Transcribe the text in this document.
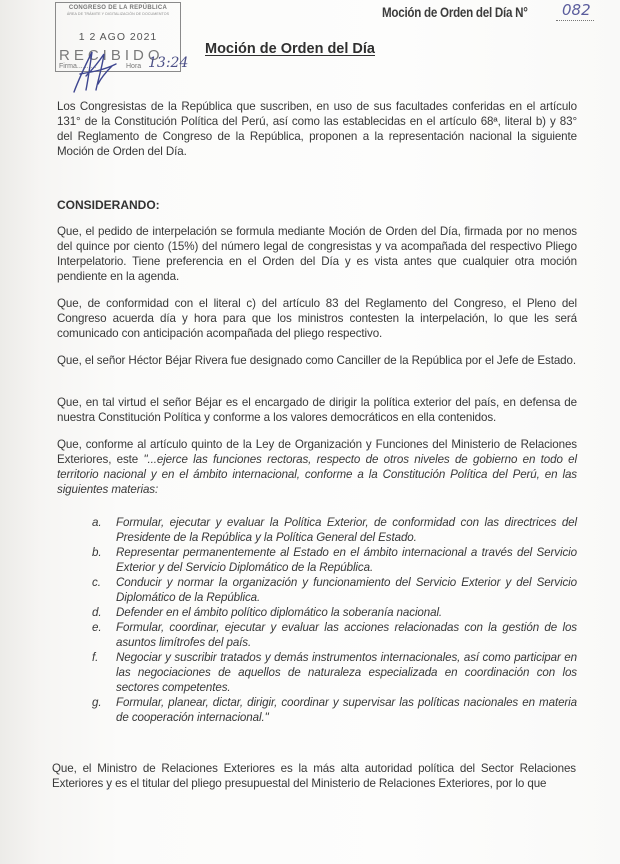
CONGRESO DE LA REPÚBLICA
ÁREA DE TRÁMITE Y DIGITALIZACIÓN DE DOCUMENTOS
1 2 AGO 2021
RECIBIDO
Firma..........	Hora 13:24
Moción de Orden del Día N° 082
Moción de Orden del Día

Los Congresistas de la República que suscriben, en uso de sus facultades conferidas en el artículo 131° de la Constitución Política del Perú, así como las establecidas en el artículo 68ª, literal b) y 83° del Reglamento de Congreso de la República, proponen a la representación nacional la siguiente Moción de Orden del Día.

CONSIDERANDO:

Que, el pedido de interpelación se formula mediante Moción de Orden del Día, firmada por no menos del quince por ciento (15%) del número legal de congresistas y va acompañada del respectivo Pliego Interpelatorio. Tiene preferencia en el Orden del Día y es vista antes que cualquier otra moción pendiente en la agenda.

Que, de conformidad con el literal c) del artículo 83 del Reglamento del Congreso, el Pleno del Congreso acuerda día y hora para que los ministros contesten la interpelación, lo que les será comunicado con anticipación acompañada del pliego respectivo.

Que, el señor Héctor Béjar Rivera fue designado como Canciller de la República por el Jefe de Estado.

Que, en tal virtud el señor Béjar es el encargado de dirigir la política exterior del país, en defensa de nuestra Constitución Política y conforme a los valores democráticos en ella contenidos.

Que, conforme al artículo quinto de la Ley de Organización y Funciones del Ministerio de Relaciones Exteriores, este "...ejerce las funciones rectoras, respecto de otros niveles de gobierno en todo el territorio nacional y en el ámbito internacional, conforme a la Constitución Política del Perú, en las siguientes materias:

a. Formular, ejecutar y evaluar la Política Exterior, de conformidad con las directrices del Presidente de la República y la Política General del Estado.
b. Representar permanentemente al Estado en el ámbito internacional a través del Servicio Exterior y del Servicio Diplomático de la República.
c. Conducir y normar la organización y funcionamiento del Servicio Exterior y del Servicio Diplomático de la República.
d. Defender en el ámbito político diplomático la soberanía nacional.
e. Formular, coordinar, ejecutar y evaluar las acciones relacionadas con la gestión de los asuntos limítrofes del país.
f. Negociar y suscribir tratados y demás instrumentos internacionales, así como participar en las negociaciones de aquellos de naturaleza especializada en coordinación con los sectores competentes.
g. Formular, planear, dictar, dirigir, coordinar y supervisar las políticas nacionales en materia de cooperación internacional."

Que, el Ministro de Relaciones Exteriores es la más alta autoridad política del Sector Relaciones Exteriores y es el titular del pliego presupuestal del Ministerio de Relaciones Exteriores, por lo que
